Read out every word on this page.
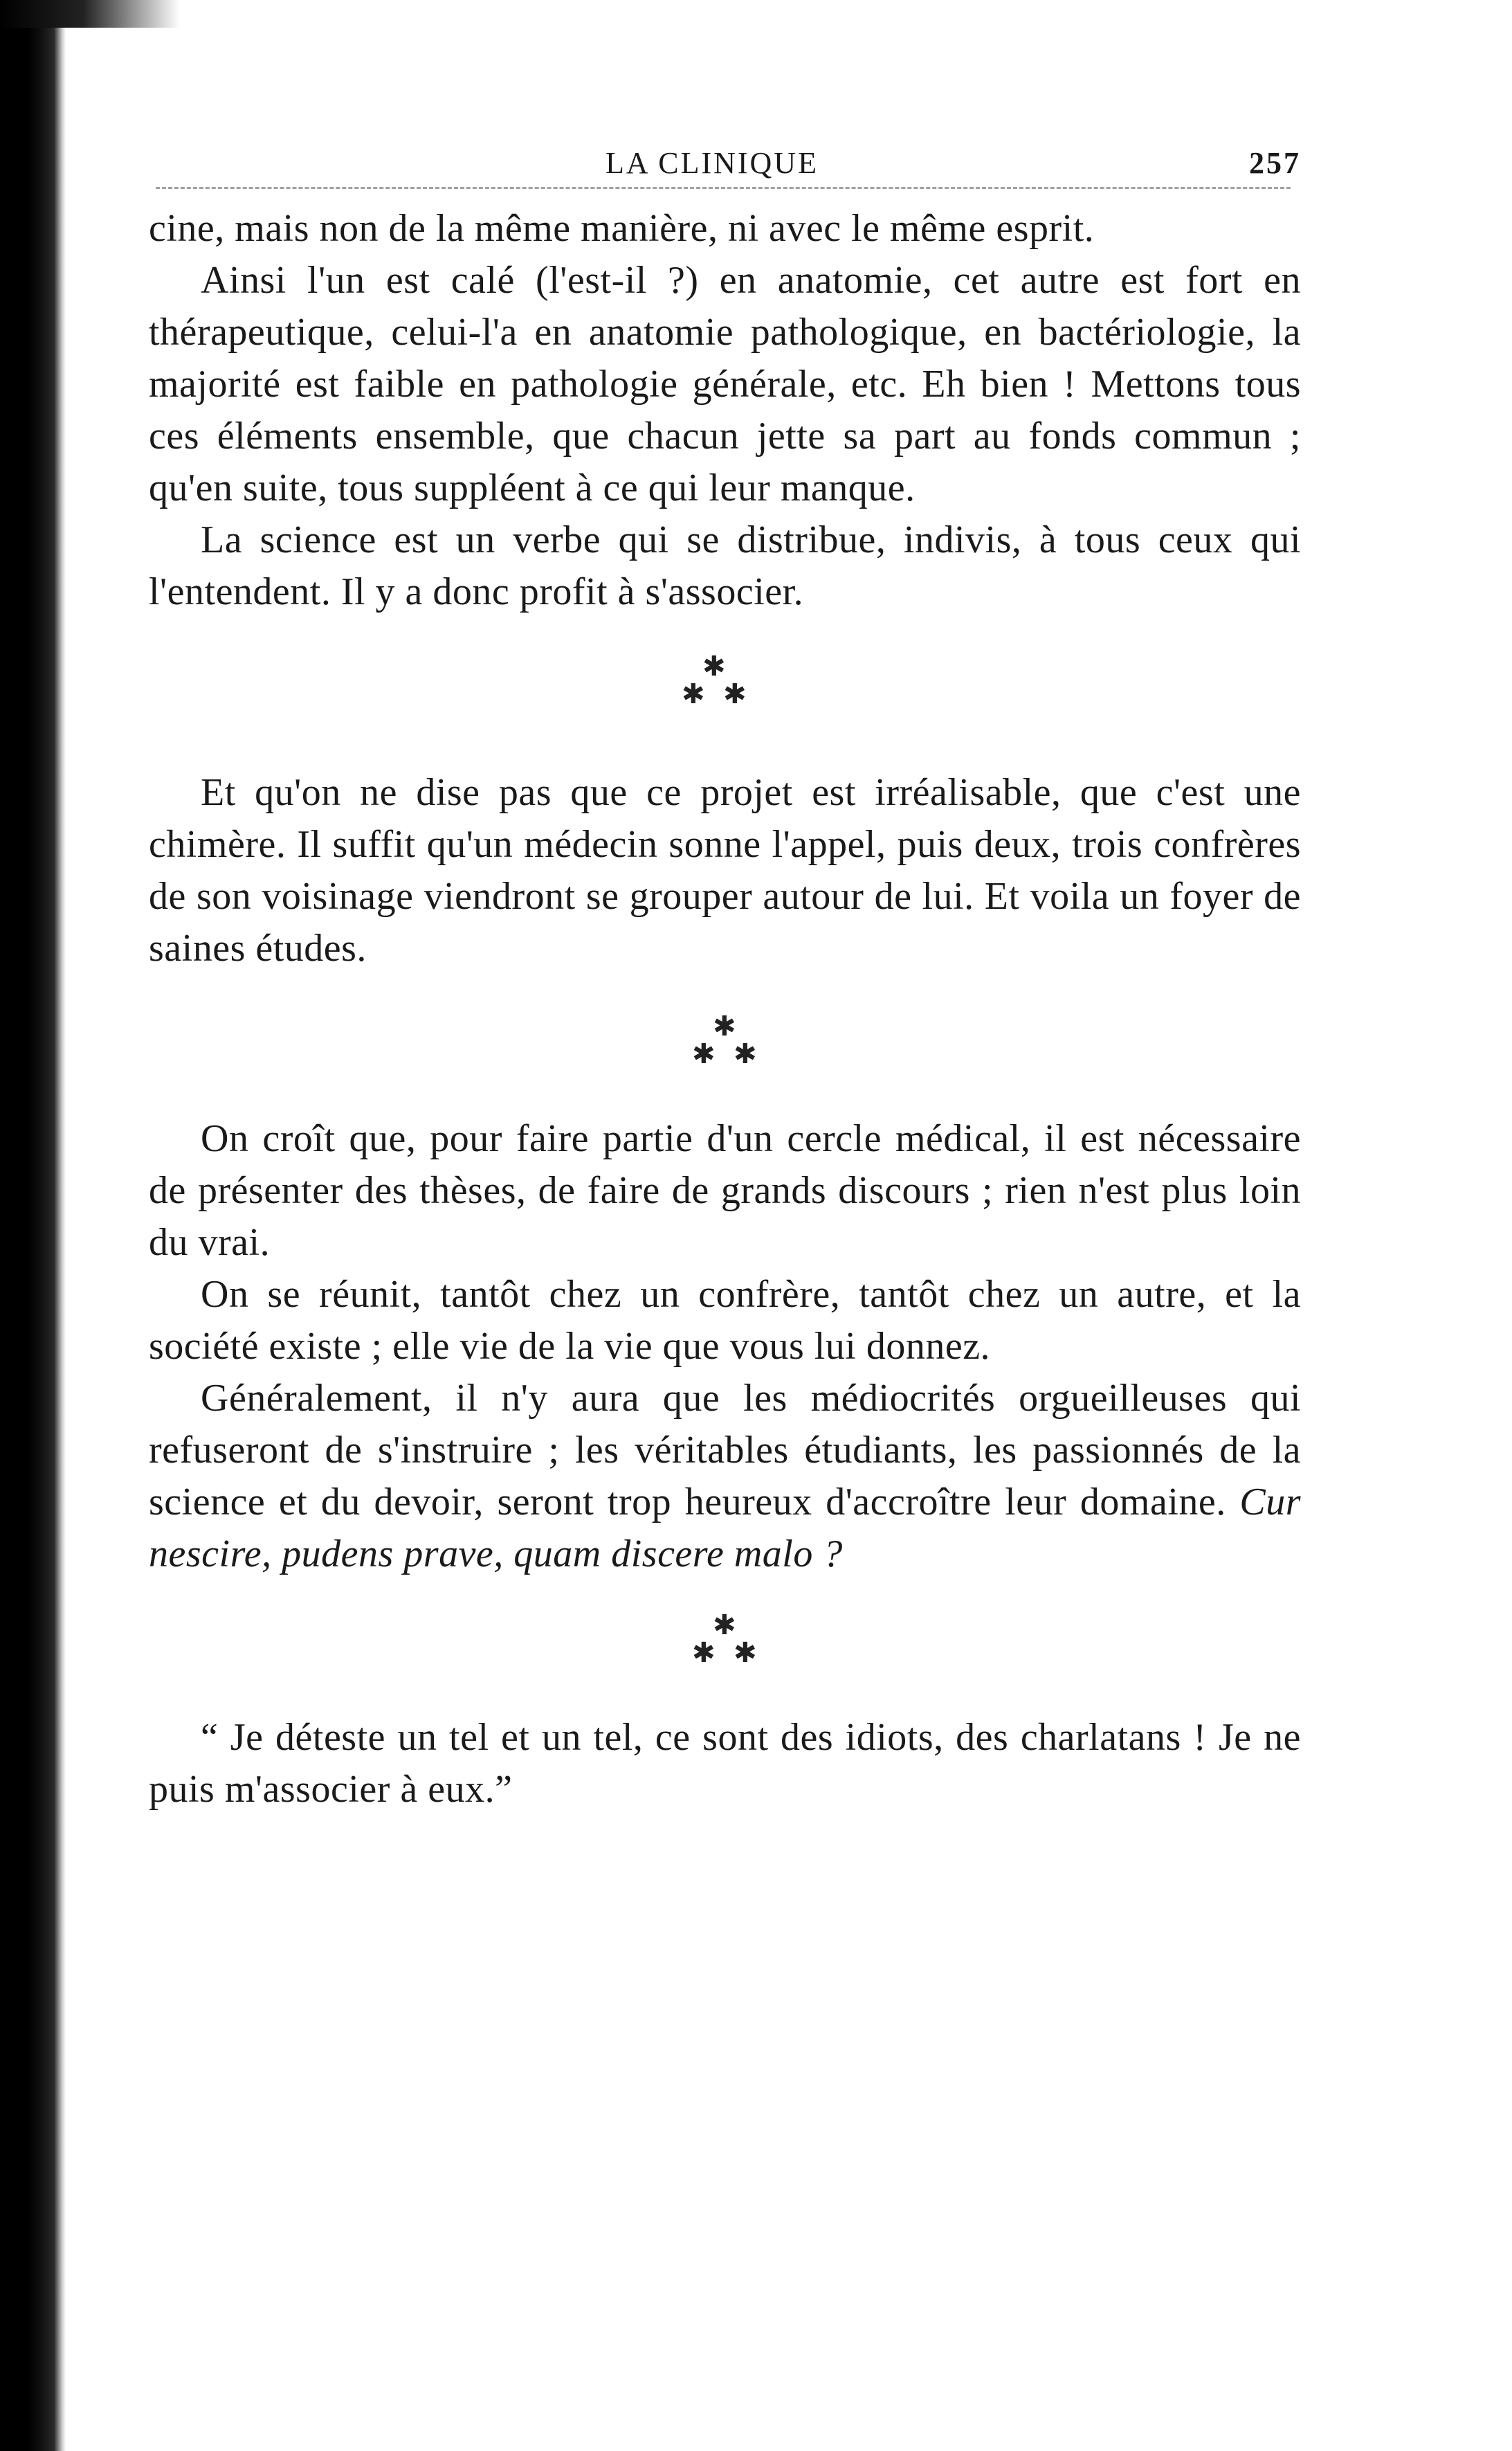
LA CLINIQUE	257

cine, mais non de la même manière, ni avec le même esprit.

Ainsi l'un est calé (l'est-il ?) en anatomie, cet autre est fort en thérapeutique, celui-l'a en anatomie pathologique, en bactériologie, la majorité est faible en pathologie générale, etc. Eh bien ! Mettons tous ces éléments ensemble, que chacun jette sa part au fonds commun ; qu'en suite, tous suppléent à ce qui leur manque.

La science est un verbe qui se distribue, indivis, à tous ceux qui l'entendent. Il y a donc profit à s'associer.

✱
✱ ✱

Et qu'on ne dise pas que ce projet est irréalisable, que c'est une chimère. Il suffit qu'un médecin sonne l'appel, puis deux, trois confrères de son voisinage viendront se grouper autour de lui. Et voila un foyer de saines études.

✱
✱ ✱

On croît que, pour faire partie d'un cercle médical, il est nécessaire de présenter des thèses, de faire de grands discours ; rien n'est plus loin du vrai.

On se réunit, tantôt chez un confrère, tantôt chez un autre, et la société existe ; elle vie de la vie que vous lui donnez.

Généralement, il n'y aura que les médiocrités orgueilleuses qui refuseront de s'instruire ; les véritables étudiants, les passionnés de la science et du devoir, seront trop heureux d'accroître leur domaine. Cur nescire, pudens prave, quam discere malo ?

✱
✱ ✱

“ Je déteste un tel et un tel, ce sont des idiots, des charlatans ! Je ne puis m'associer à eux.”
